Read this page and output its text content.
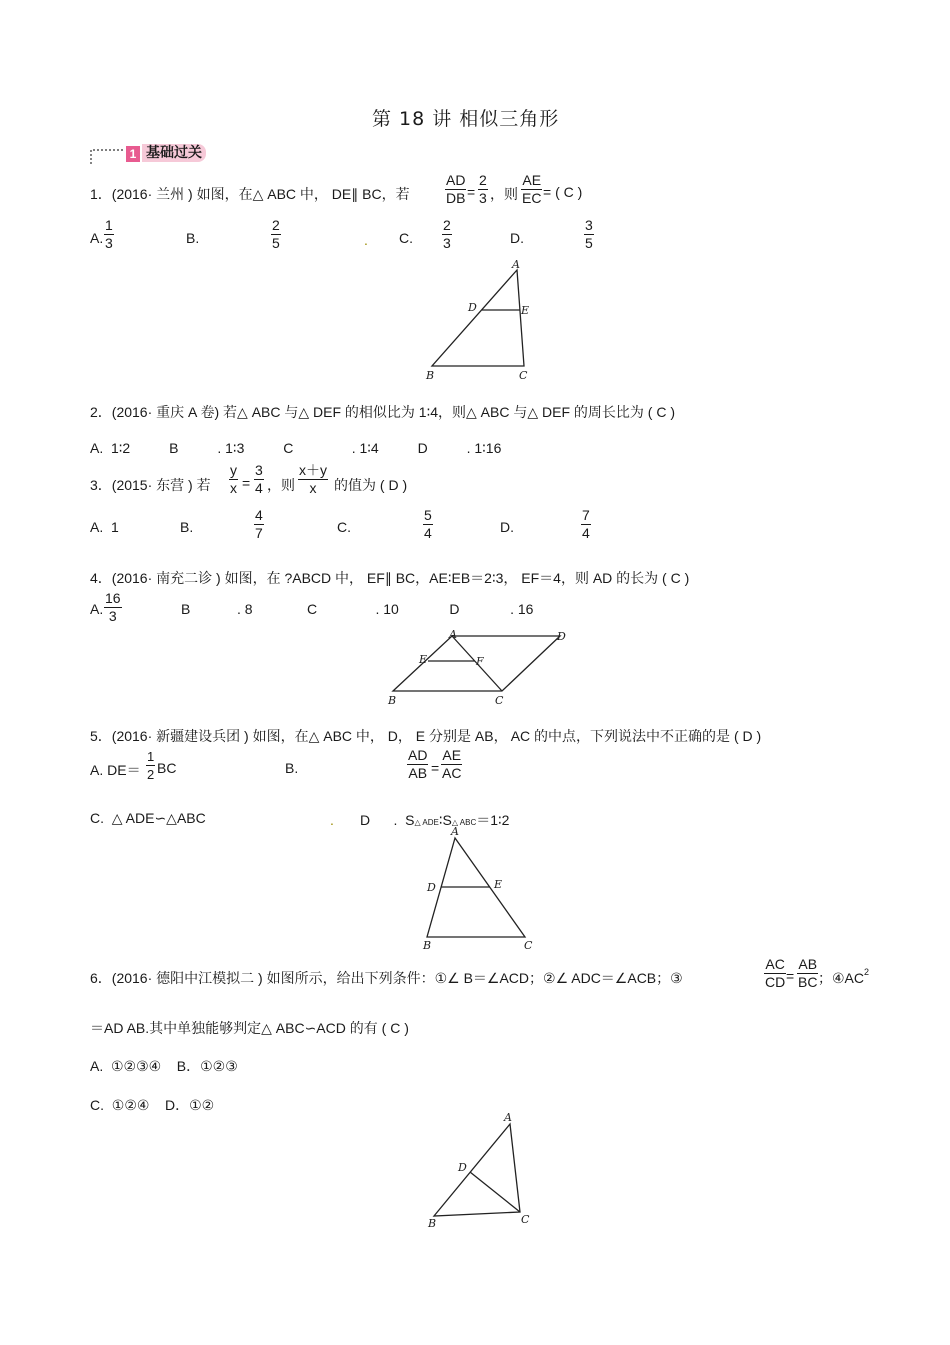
第 18 讲 相似三角形
1 基础过关
1．(2016· 兰州 ) 如图，在△ ABC 中， DE∥ BC，若	$\frac{AD}{DB} = \frac{2}{3}$ ，则 $\frac{AE}{EC}$ = ( C )
A. $\frac{1}{3}$	B.	$\frac{2}{5}$	. C. $\frac{2}{3}$	D.	$\frac{3}{5}$
A
B	C
D	E
2．(2016· 重庆 A 卷) 若△ ABC 与△ DEF 的相似比为 1∶4，则△ ABC 与△ DEF 的周长比为 ( C )
A.  1∶2          B          . 1∶3          C               . 1∶4          D          . 1∶16
3．(2015· 东营 ) 若 $\frac{y}{x} = \frac{3}{4}$ ，则 $\frac{x+y}{x}$ 的值为 ( D )
A.  1	B.	$\frac{4}{7}$	C.	$\frac{5}{4}$	D.	$\frac{7}{4}$
4．(2016· 南充二诊 ) 如图，在 ?ABCD 中， EF∥ BC，AE∶EB＝2∶3， EF＝4，则 AD 的长为 ( C )
A. $\frac{16}{3}$	B            . 8              C               . 10             D             . 16
A
B	C
D
E	F
5．(2016· 新疆建设兵团 ) 如图，在△ ABC 中， D， E 分别是 AB， AC 的中点，下列说法中不正确的是 ( D )
A. $DE= \frac{1}{2}$ BC	B.	$\frac{AD}{AB} = \frac{AE}{AC}$
C.  △ ADE∽△ABC	. D      .  S△ ADE∶S△ ABC＝1∶2
A
B	C
D	E
6．(2016· 德阳中江模拟二 ) 如图所示，给出下列条件：①∠ B＝∠ACD；②∠ ADC＝∠ACB；③	$\frac{AC}{CD} = \frac{AB}{BC}$ ；$④AC^2$
＝AD AB.其中单独能够判定△ ABC∽ACD 的有 ( C )
A.  ①②③④    B．①②③
C.  ①②④    D．①②
A
B	C
D
